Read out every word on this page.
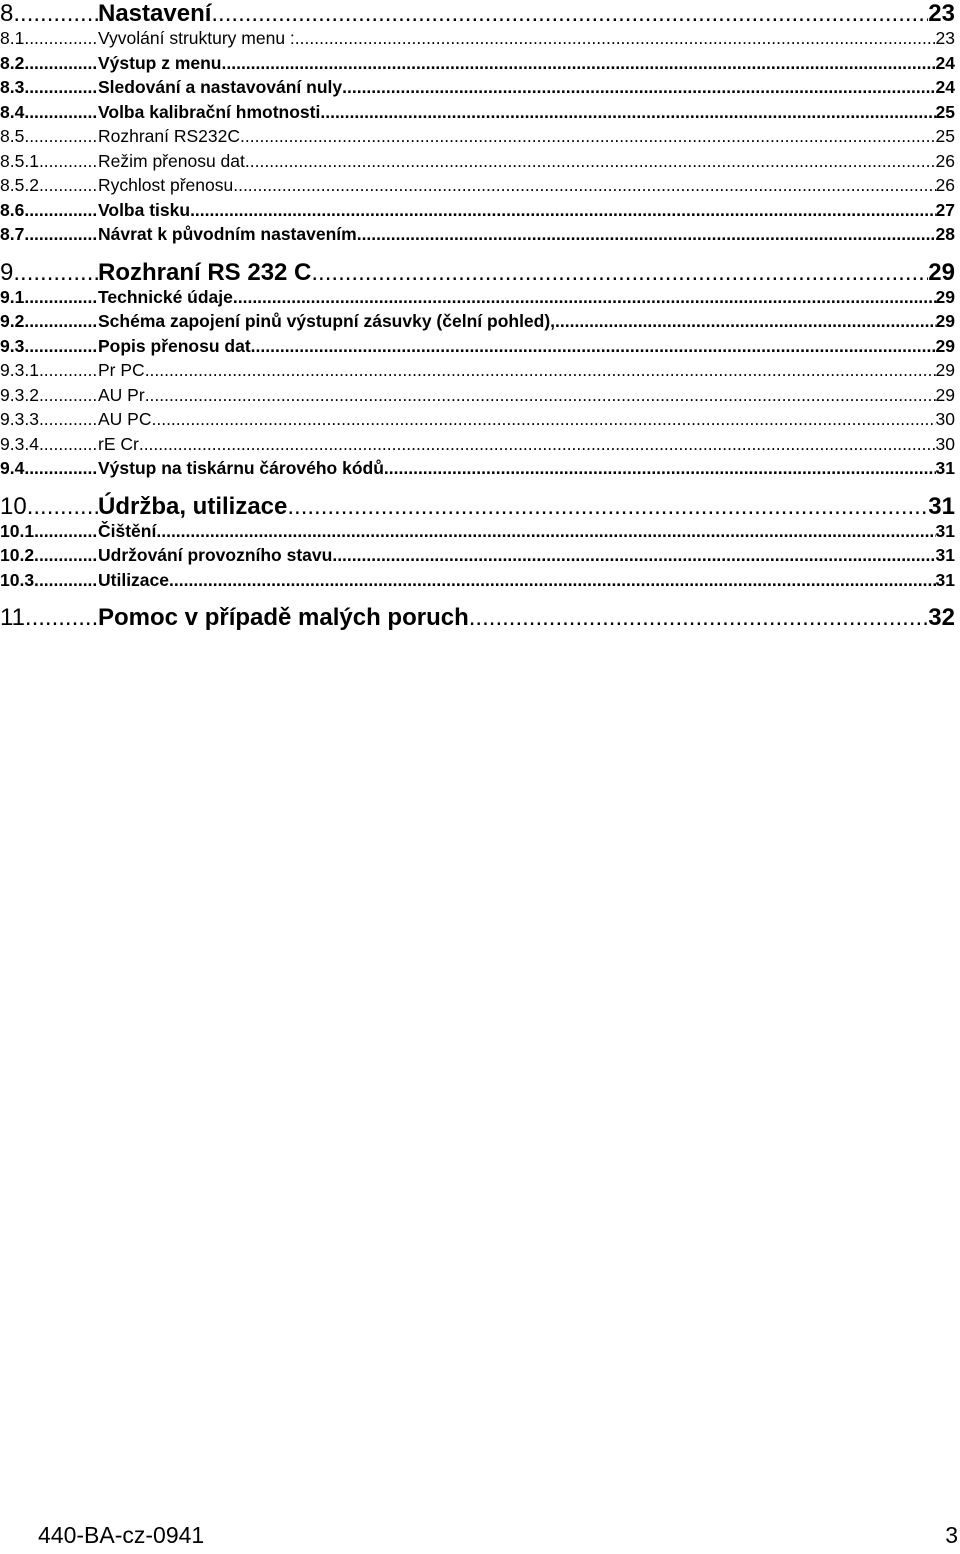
8 .....	Nastavení .....	23
8.1 .....	Vyvolání struktury menu : .....	23
8.2 .....	Výstup z menu. .....	24
8.3 .....	Sledování a nastavování nuly .....	24
8.4 .....	Volba kalibrační hmotnosti .....	25
8.5 .....	Rozhraní RS232C .....	25
8.5.1 .....	Režim přenosu dat .....	26
8.5.2 .....	Rychlost přenosu .....	26
8.6 .....	Volba tisku .....	27
8.7 .....	Návrat k původním nastavením .....	28
9 .....	Rozhraní RS 232 C .....	29
9.1 .....	Technické údaje .....	29
9.2 .....	Schéma zapojení pinů výstupní zásuvky (čelní pohled), .....	29
9.3 .....	Popis přenosu dat .....	29
9.3.1 .....	Pr PC .....	29
9.3.2 .....	AU Pr .....	29
9.3.3 .....	AU PC .....	30
9.3.4 .....	rE Cr .....	30
9.4 .....	Výstup na tiskárnu čárového kódů .....	31
10 .....	Údržba, utilizace .....	31
10.1 .....	Čištění .....	31
10.2. .....	Udržování provozního stavu .....	31
10.3. .....	Utilizace .....	31
11 .....	Pomoc v případě malých poruch .....	32
440-BA-cz-0941	3
